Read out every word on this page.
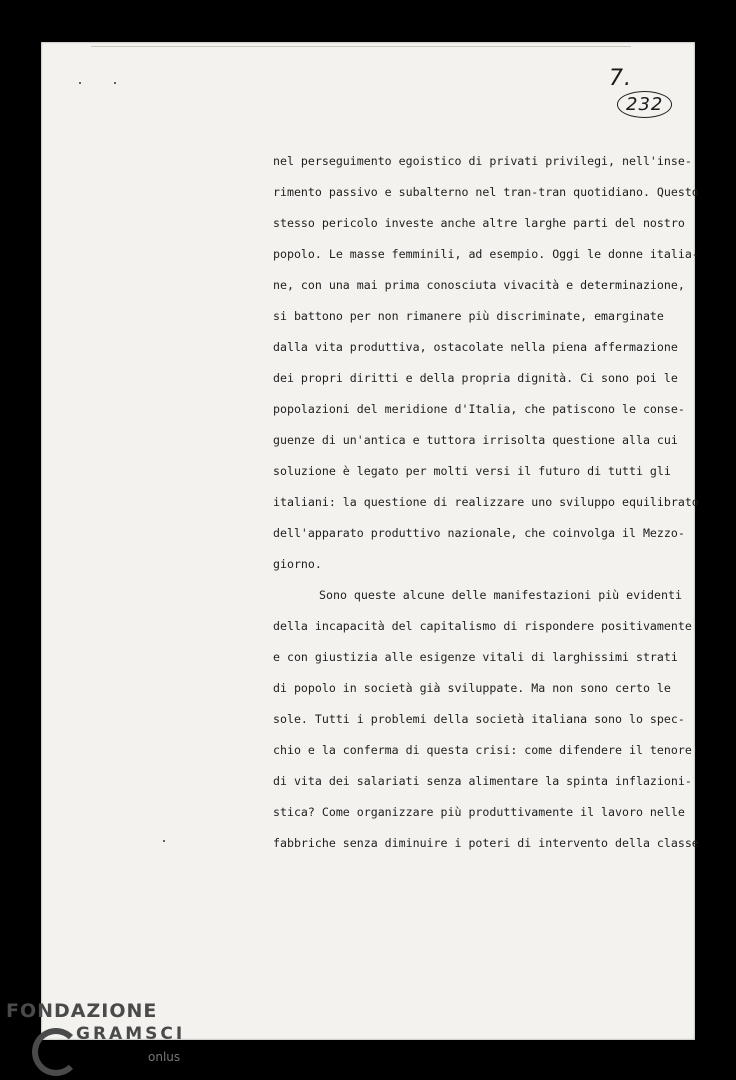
7. 232
nel perseguimento egoistico di privati privilegi, nell'inse-
rimento passivo e subalterno nel tran-tran quotidiano. Questo
stesso pericolo investe anche altre larghe parti del nostro
popolo. Le masse femminili, ad esempio. Oggi le donne italia-
ne, con una mai prima conosciuta vivacità e determinazione,
si battono per non rimanere più discriminate, emarginate
dalla vita produttiva, ostacolate nella piena affermazione
dei propri diritti e della propria dignità. Ci sono poi le
popolazioni del meridione d'Italia, che patiscono le conse-
guenze di un'antica e tuttora irrisolta questione alla cui
soluzione è legato per molti versi il futuro di tutti gli
italiani: la questione di realizzare uno sviluppo equilibrato
dell'apparato produttivo nazionale, che coinvolga il Mezzo-
giorno.
Sono queste alcune delle manifestazioni più evidenti
della incapacità del capitalismo di rispondere positivamente
e con giustizia alle esigenze vitali di larghissimi strati
di popolo in società già sviluppate. Ma non sono certo le
sole. Tutti i problemi della società italiana sono lo spec-
chio e la conferma di questa crisi: come difendere il tenore
di vita dei salariati senza alimentare la spinta inflazioni-
stica? Come organizzare più produttivamente il lavoro nelle
fabbriche senza diminuire i poteri di intervento della classe
FONDAZIONE
GRAMSCI
onlus
